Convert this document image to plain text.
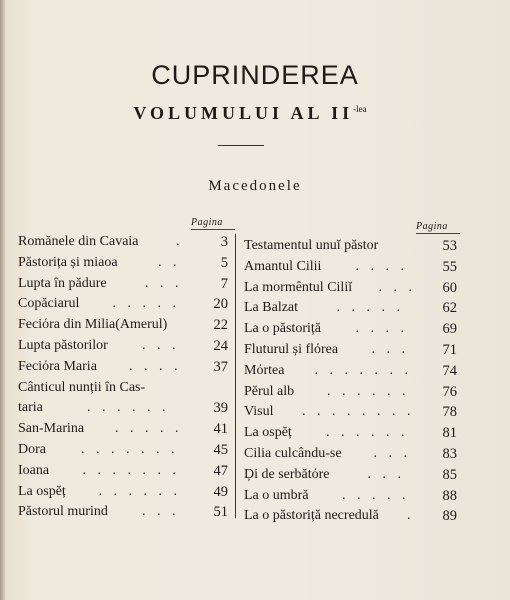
CUPRINDEREA
VOLUMULUI AL $II^{-lea}$
Macedonele
Pagina	Pagina
Romănele din Cavaia	.	3
Păstorița și miaoa	. .	5
Lupta în pădure	. . .	7
Copăciarul . . . . . 20
Feciόra din Milia(Amerul)	22
Lupta păstorilor . . . 24
Feciόra Maria . . . . 37
Cânticul nunții în Cas-
taria	. . . . . .	39
San-Marina . . . . . 41
Dora	. . . . . . . 45
Ioana . . . . . . . 47
La ospĕț . . . . . . 49
Păstorul murind . . . 51
Testamentul unuĭ păstor	53
Amantul Cilii . . . . 55
La mormêntul Ciliĭ . . . 60
La Balzat	. . . . .	62
La o păstoriță . . . . 69
Fluturul și flόrea . . . 71
Mόrtea . . . . . . . 74
Pĕrul alb . . . . . . 76
Visul . . . . . . . . 78
La ospĕț . . . . . . 81
Cilia culcându-se . . . 83
Ḑi de serbătόre	. . .	85
La o umbră . . . . . 88
La o păstoriță necredulă . 89
